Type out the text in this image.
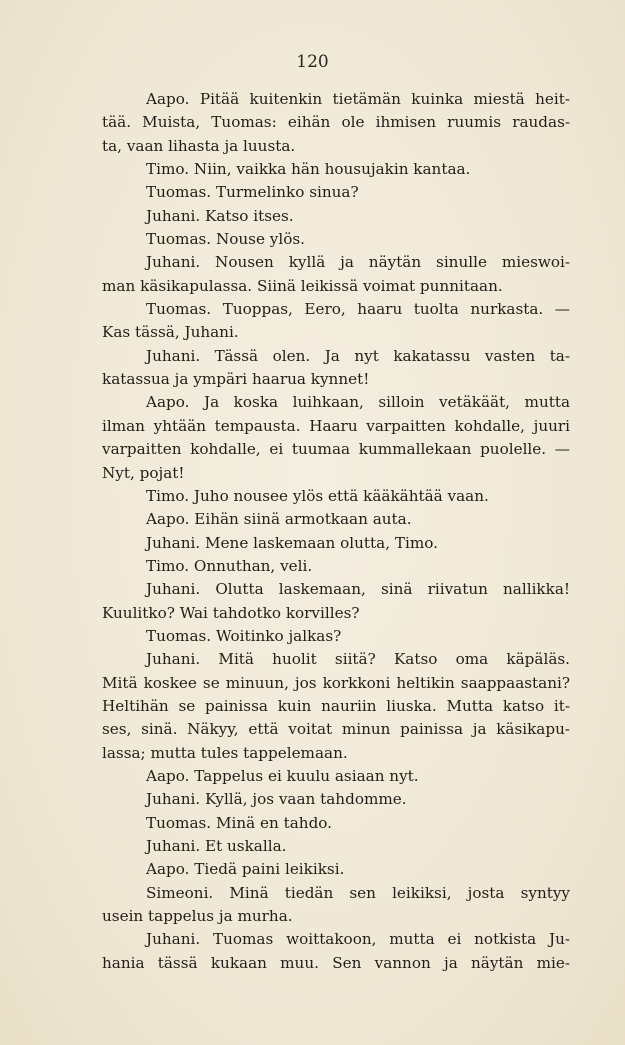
120
Aapo. Pitää kuitenkin tietämän kuinka miestä heit-
tää. Muista, Tuomas: eihän ole ihmisen ruumis raudas-
ta, vaan lihasta ja luusta.
Timo. Niin, vaikka hän housujakin kantaa.
Tuomas. Turmelinko sinua?
Juhani. Katso itses.
Tuomas. Nouse ylös.
Juhani. Nousen kyllä ja näytän sinulle mieswoi-
man käsikapulassa. Siinä leikissä voimat punnitaan.
Tuomas. Tuoppas, Eero, haaru tuolta nurkasta. —
Kas tässä, Juhani.
Juhani. Tässä olen. Ja nyt kakatassu vasten ta-
katassua ja ympäri haarua kynnet!
Aapo. Ja koska luihkaan, silloin vetäkäät, mutta
ilman yhtään tempausta. Haaru varpaitten kohdalle, juuri
varpaitten kohdalle, ei tuumaa kummallekaan puolelle. —
Nyt, pojat!
Timo. Juho nousee ylös että kääkähtää vaan.
Aapo. Eihän siinä armotkaan auta.
Juhani. Mene laskemaan olutta, Timo.
Timo. Onnuthan, veli.
Juhani. Olutta laskemaan, sinä riivatun nallikka!
Kuulitko? Wai tahdotko korvilles?
Tuomas. Woitinko jalkas?
Juhani. Mitä huolit siitä? Katso oma käpäläs.
Mitä koskee se minuun, jos korkkoni heltikin saappaastani?
Heltihän se painissa kuin nauriin liuska. Mutta katso it-
ses, sinä. Näkyy, että voitat minun painissa ja käsikapu-
lassa; mutta tules tappelemaan.
Aapo. Tappelus ei kuulu asiaan nyt.
Juhani. Kyllä, jos vaan tahdomme.
Tuomas. Minä en tahdo.
Juhani. Et uskalla.
Aapo. Tiedä paini leikiksi.
Simeoni. Minä tiedän sen leikiksi, josta syntyy
usein tappelus ja murha.
Juhani. Tuomas woittakoon, mutta ei notkista Ju-
hania tässä kukaan muu. Sen vannon ja näytän mie-
